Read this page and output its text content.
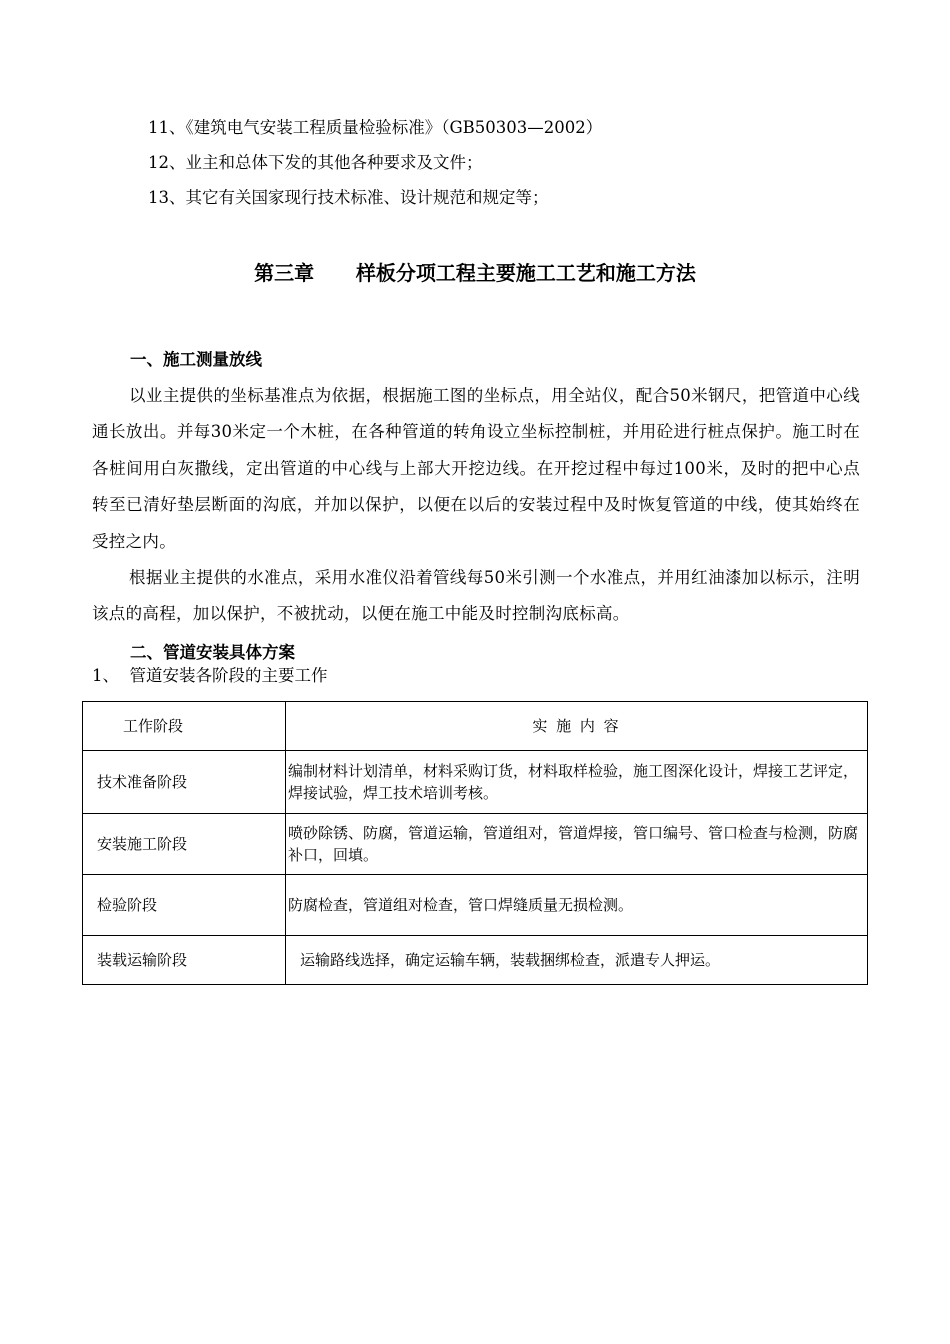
11、《建筑电气安装工程质量检验标准》（GB50303—2002）
12、业主和总体下发的其他各种要求及文件；
13、其它有关国家现行技术标准、设计规范和规定等；
第三章      样板分项工程主要施工工艺和施工方法
一、施工测量放线

以业主提供的坐标基准点为依据，根据施工图的坐标点，用全站仪，配合50米钢尺，把管道中心线通长放出。并每30米定一个木桩，在各种管道的转角设立坐标控制桩，并用砼进行桩点保护。施工时在各桩间用白灰撒线，定出管道的中心线与上部大开挖边线。在开挖过程中每过100米，及时的把中心点转至已清好垫层断面的沟底，并加以保护，以便在以后的安装过程中及时恢复管道的中线，使其始终在受控之内。

根据业主提供的水准点，采用水准仪沿着管线每50米引测一个水准点，并用红油漆加以标示，注明该点的高程，加以保护，不被扰动，以便在施工中能及时控制沟底标高。

二、管道安装具体方案
1、  管道安装各阶段的主要工作
工作阶段	实 施 内 容
技术准备阶段	编制材料计划清单，材料采购订货，材料取样检验，施工图深化设计，焊接工艺评定，焊接试验，焊工技术培训考核。
安装施工阶段	喷砂除锈、防腐，管道运输，管道组对，管道焊接，管口编号、管口检查与检测，防腐补口，回填。
检验阶段	防腐检查，管道组对检查，管口焊缝质量无损检测。
装载运输阶段	运输路线选择，确定运输车辆，装载捆绑检查，派遣专人押运。
